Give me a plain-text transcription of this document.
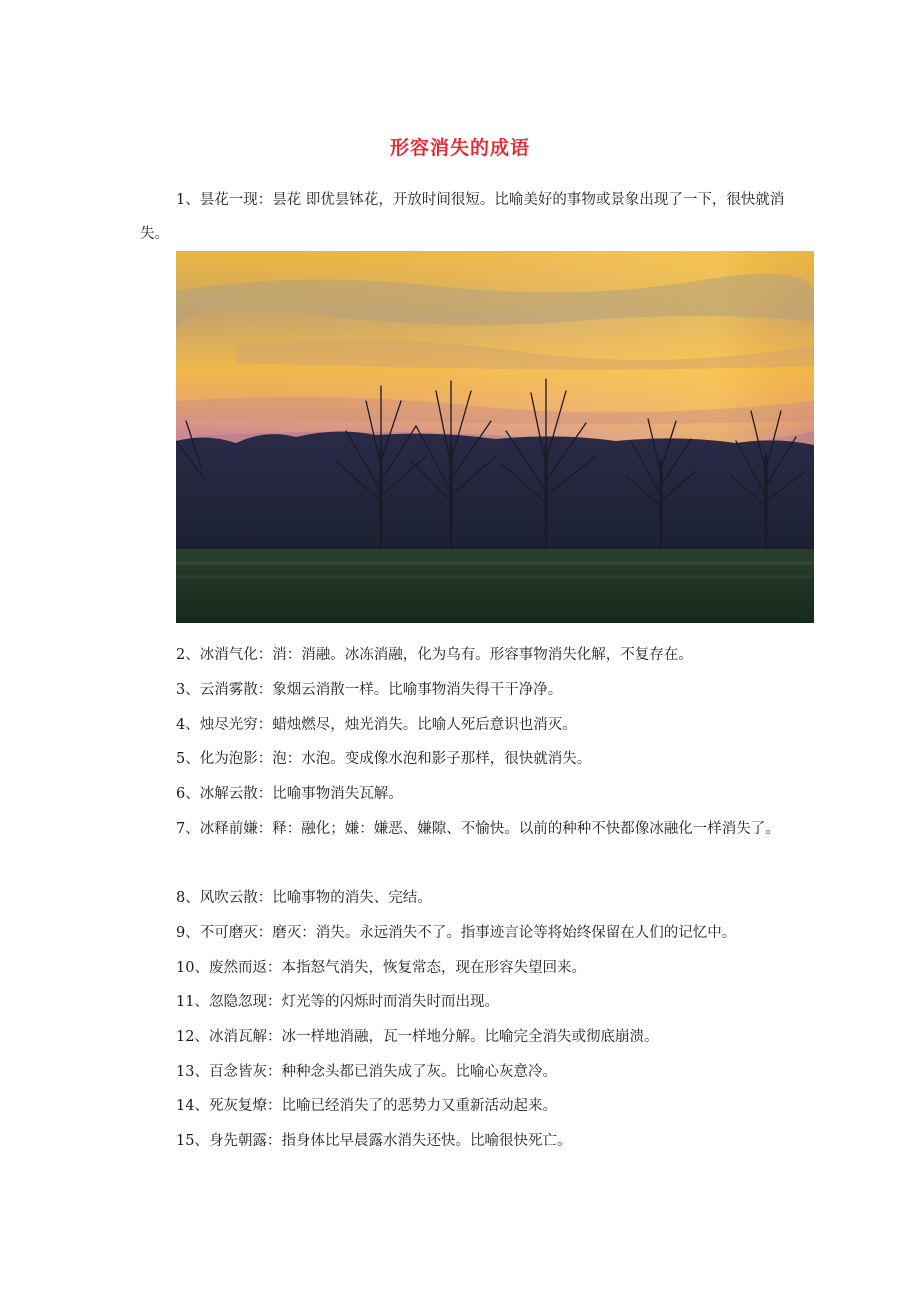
形容消失的成语

1、昙花一现：昙花 即优昙钵花，开放时间很短。比喻美好的事物或景象出现了一下，很快就消失。

2、冰消气化：消：消融。冰冻消融，化为乌有。形容事物消失化解，不复存在。

3、云消雾散：象烟云消散一样。比喻事物消失得干干净净。

4、烛尽光穷：蜡烛燃尽，烛光消失。比喻人死后意识也消灭。

5、化为泡影：泡：水泡。变成像水泡和影子那样，很快就消失。

6、冰解云散：比喻事物消失瓦解。

7、冰释前嫌：释：融化；嫌：嫌恶、嫌隙、不愉快。以前的种种不快都像冰融化一样消失了。

8、风吹云散：比喻事物的消失、完结。

9、不可磨灭：磨灭：消失。永远消失不了。指事迹言论等将始终保留在人们的记忆中。

10、废然而返：本指怒气消失，恢复常态，现在形容失望回来。

11、忽隐忽现：灯光等的闪烁时而消失时而出现。

12、冰消瓦解：冰一样地消融，瓦一样地分解。比喻完全消失或彻底崩溃。

13、百念皆灰：种种念头都已消失成了灰。比喻心灰意冷。

14、死灰复燎：比喻已经消失了的恶势力又重新活动起来。

15、身先朝露：指身体比早晨露水消失还快。比喻很快死亡。
